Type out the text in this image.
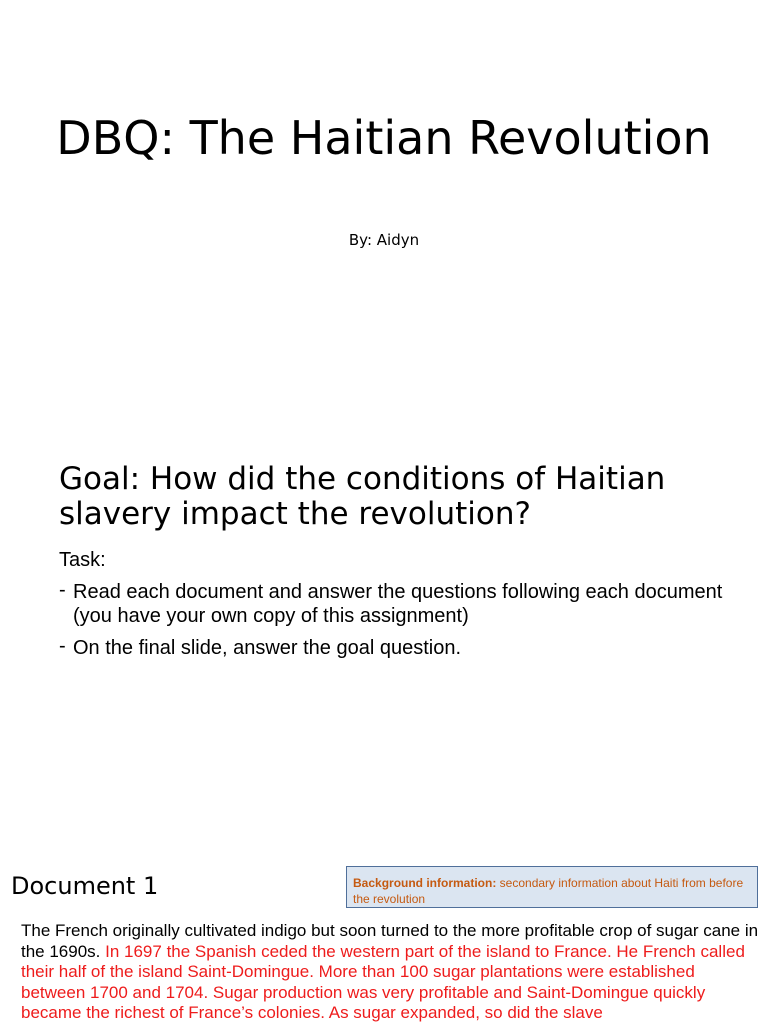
DBQ: The Haitian Revolution
By: Aidyn
Goal: How did the conditions of Haitian slavery impact the revolution?
Task:
- Read each document and answer the questions following each document (you have your own copy of this assignment)
- On the final slide, answer the goal question.
Document 1	Background information: secondary information about Haiti from before the revolution
The French originally cultivated indigo but soon turned to the more profitable crop of sugar cane in the 1690s. In 1697 the Spanish ceded the western part of the island to France. He French called their half of the island Saint-Domingue. More than 100 sugar plantations were established between 1700 and 1704. Sugar production was very profitable and Saint-Domingue quickly became the richest of France’s colonies. As sugar expanded, so did the slave
